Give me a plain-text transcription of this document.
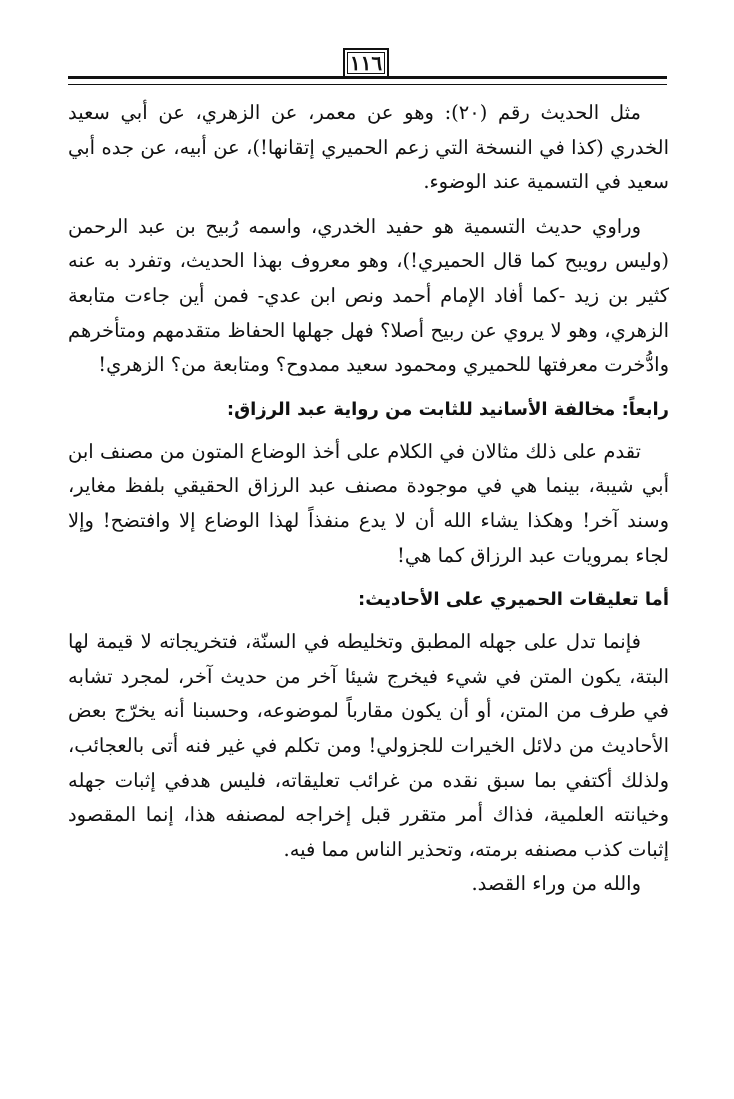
١١٦

مثل الحديث رقم (٢٠): وهو عن معمر، عن الزهري، عن أبي سعيد الخدري (كذا في النسخة التي زعم الحميري إتقانها!)، عن أبيه، عن جده أبي سعيد في التسمية عند الوضوء.

وراوي حديث التسمية هو حفيد الخدري، واسمه رُبيح بن عبد الرحمن (وليس رويبح كما قال الحميري!)، وهو معروف بهذا الحديث، وتفرد به عنه كثير بن زيد -كما أفاد الإمام أحمد ونص ابن عدي- فمن أين جاءت متابعة الزهري، وهو لا يروي عن ربيح أصلا؟ فهل جهلها الحفاظ متقدمهم ومتأخرهم وادُّخرت معرفتها للحميري ومحمود سعيد ممدوح؟ ومتابعة من؟ الزهري!

رابعاً: مخالفة الأسانيد للثابت من رواية عبد الرزاق:

تقدم على ذلك مثالان في الكلام على أخذ الوضاع المتون من مصنف ابن أبي شيبة، بينما هي في موجودة مصنف عبد الرزاق الحقيقي بلفظ مغاير، وسند آخر! وهكذا يشاء الله أن لا يدع منفذاً لهذا الوضاع إلا وافتضح! وإلا لجاء بمرويات عبد الرزاق كما هي!

أما تعليقات الحميري على الأحاديث:

فإنما تدل على جهله المطبق وتخليطه في السنّة، فتخريجاته لا قيمة لها البتة، يكون المتن في شيء فيخرج شيئا آخر من حديث آخر، لمجرد تشابه في طرف من المتن، أو أن يكون مقارباً لموضوعه، وحسبنا أنه يخرّج بعض الأحاديث من دلائل الخيرات للجزولي! ومن تكلم في غير فنه أتى بالعجائب، ولذلك أكتفي بما سبق نقده من غرائب تعليقاته، فليس هدفي إثبات جهله وخيانته العلمية، فذاك أمر متقرر قبل إخراجه لمصنفه هذا، إنما المقصود إثبات كذب مصنفه برمته، وتحذير الناس مما فيه.

والله من وراء القصد.
